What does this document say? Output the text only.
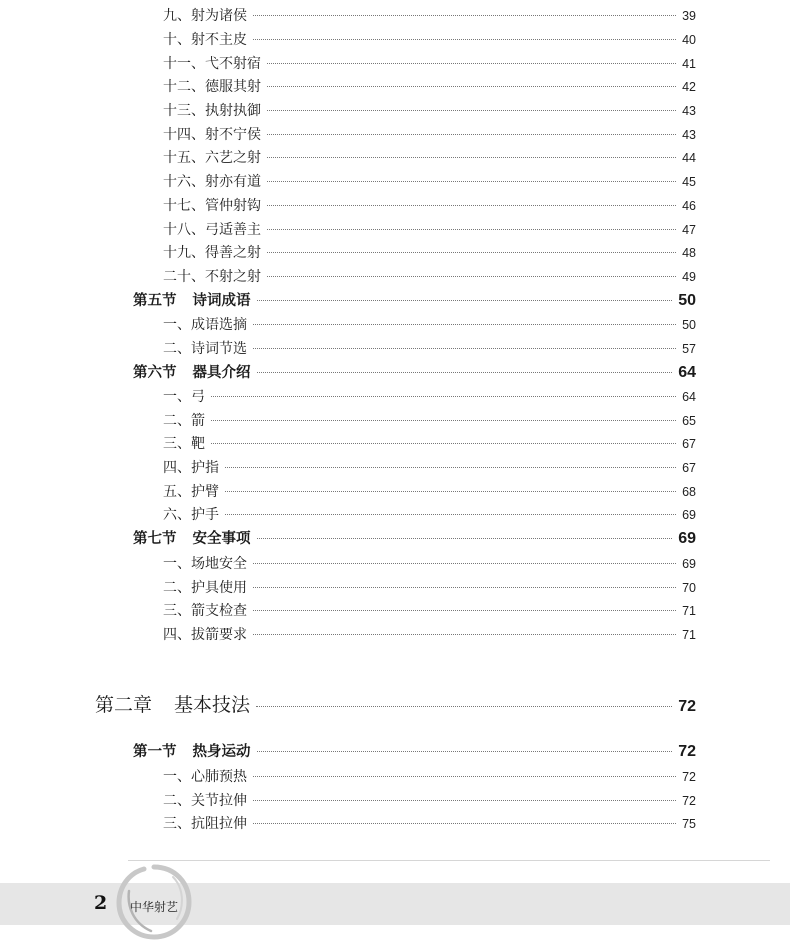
九、射为诸侯	39
十、射不主皮	40
十一、弋不射宿	41
十二、德服其射	42
十三、执射执御	43
十四、射不宁侯	43
十五、六艺之射	44
十六、射亦有道	45
十七、管仲射钩	46
十八、弓适善主	47
十九、得善之射	48
二十、不射之射	49
第五节 诗词成语	50
一、成语选摘	50
二、诗词节选	57
第六节 器具介绍	64
一、弓	64
二、箭	65
三、靶	67
四、护指	67
五、护臂	68
六、护手	69
第七节 安全事项	69
一、场地安全	69
二、护具使用	70
三、箭支检查	71
四、拔箭要求	71
第二章 基本技法	72
第一节 热身运动	72
一、心肺预热	72
二、关节拉伸	72
三、抗阻拉伸	75
2 中华射艺
